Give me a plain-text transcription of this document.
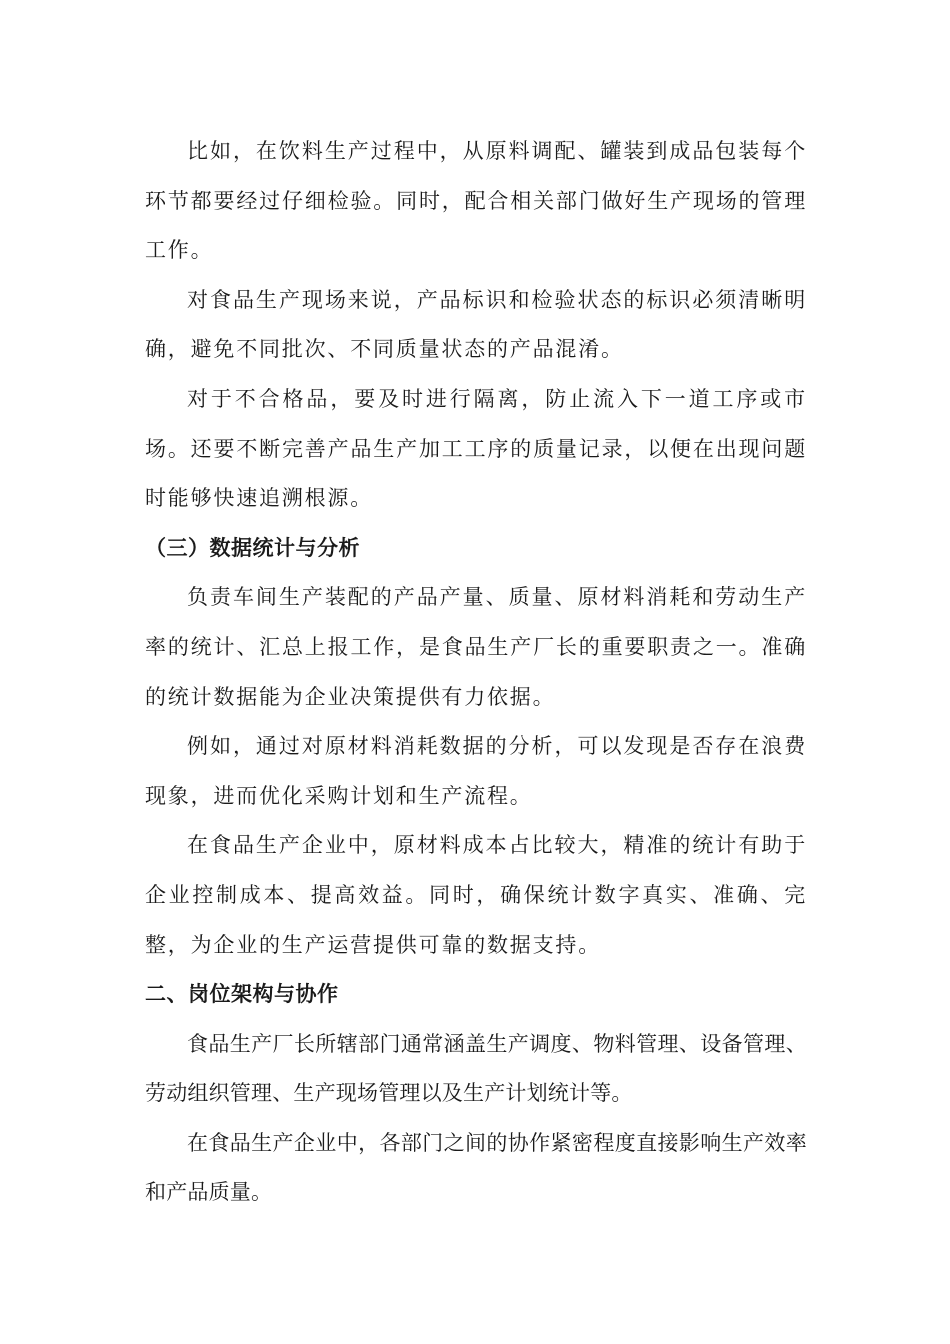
比如，在饮料生产过程中，从原料调配、罐装到成品包装每个环节都要经过仔细检验。同时，配合相关部门做好生产现场的管理工作。

对食品生产现场来说，产品标识和检验状态的标识必须清晰明确，避免不同批次、不同质量状态的产品混淆。

对于不合格品，要及时进行隔离，防止流入下一道工序或市场。还要不断完善产品生产加工工序的质量记录，以便在出现问题时能够快速追溯根源。

（三）数据统计与分析

负责车间生产装配的产品产量、质量、原材料消耗和劳动生产率的统计、汇总上报工作，是食品生产厂长的重要职责之一。准确的统计数据能为企业决策提供有力依据。

例如，通过对原材料消耗数据的分析，可以发现是否存在浪费现象，进而优化采购计划和生产流程。

在食品生产企业中，原材料成本占比较大，精准的统计有助于企业控制成本、提高效益。同时，确保统计数字真实、准确、完整，为企业的生产运营提供可靠的数据支持。

二、岗位架构与协作

食品生产厂长所辖部门通常涵盖生产调度、物料管理、设备管理、劳动组织管理、生产现场管理以及生产计划统计等。

在食品生产企业中，各部门之间的协作紧密程度直接影响生产效率和产品质量。
